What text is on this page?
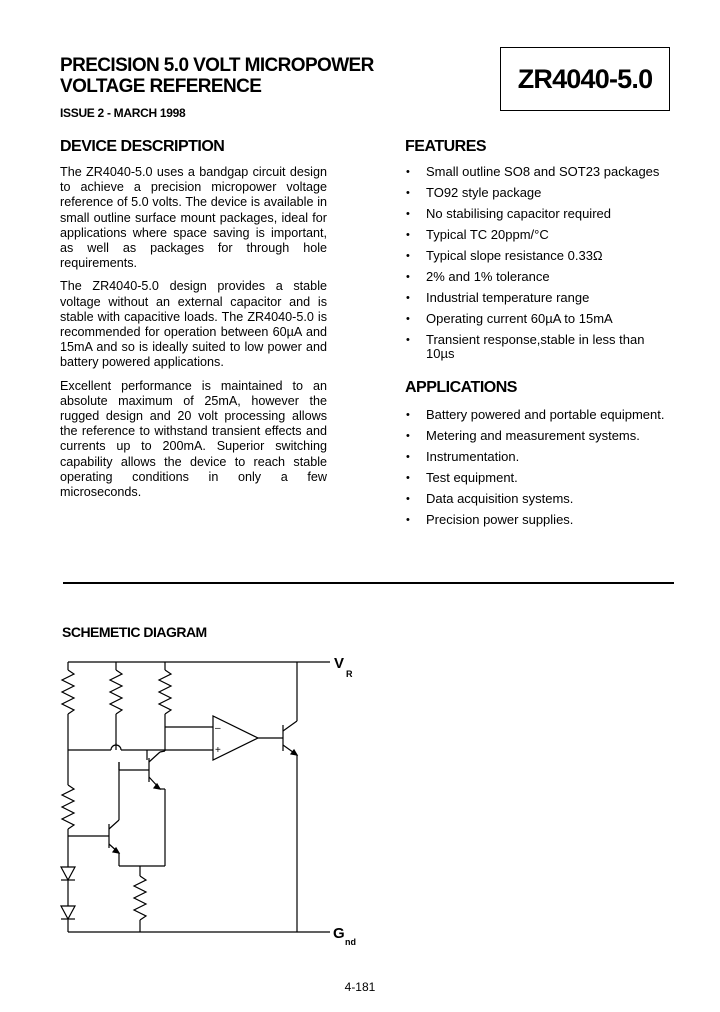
PRECISION 5.0 VOLT MICROPOWER
VOLTAGE REFERENCE	ZR4040-5.0
ISSUE 2 - MARCH 1998
DEVICE DESCRIPTION

The ZR4040-5.0 uses a bandgap circuit design to achieve a precision micropower voltage reference of 5.0 volts. The device is available in small outline surface mount packages, ideal for applications where space saving is important, as well as packages for through hole requirements.

The ZR4040-5.0 design provides a stable voltage without an external capacitor and is stable with capacitive loads. The ZR4040-5.0 is recommended for operation between 60µA and 15mA and so is ideally suited to low power and battery powered applications.

Excellent performance is maintained to an absolute maximum of 25mA, however the rugged design and 20 volt processing allows the reference to withstand transient effects and currents up to 200mA. Superior switching capability allows the device to reach stable operating conditions in only a few microseconds.

FEATURES
• Small outline SO8 and SOT23 packages
• TO92 style package
• No stabilising capacitor required
• Typical TC 20ppm/°C
• Typical slope resistance 0.33Ω
• 2% and 1% tolerance
• Industrial temperature range
• Operating current 60µA to 15mA
• Transient response,stable in less than 10µs
APPLICATIONS
• Battery powered and portable equipment.
• Metering and measurement systems.
• Instrumentation.
• Test equipment.
• Data acquisition systems.
• Precision power supplies.
SCHEMETIC DIAGRAM
–
+
V
R
G nd
4-181
